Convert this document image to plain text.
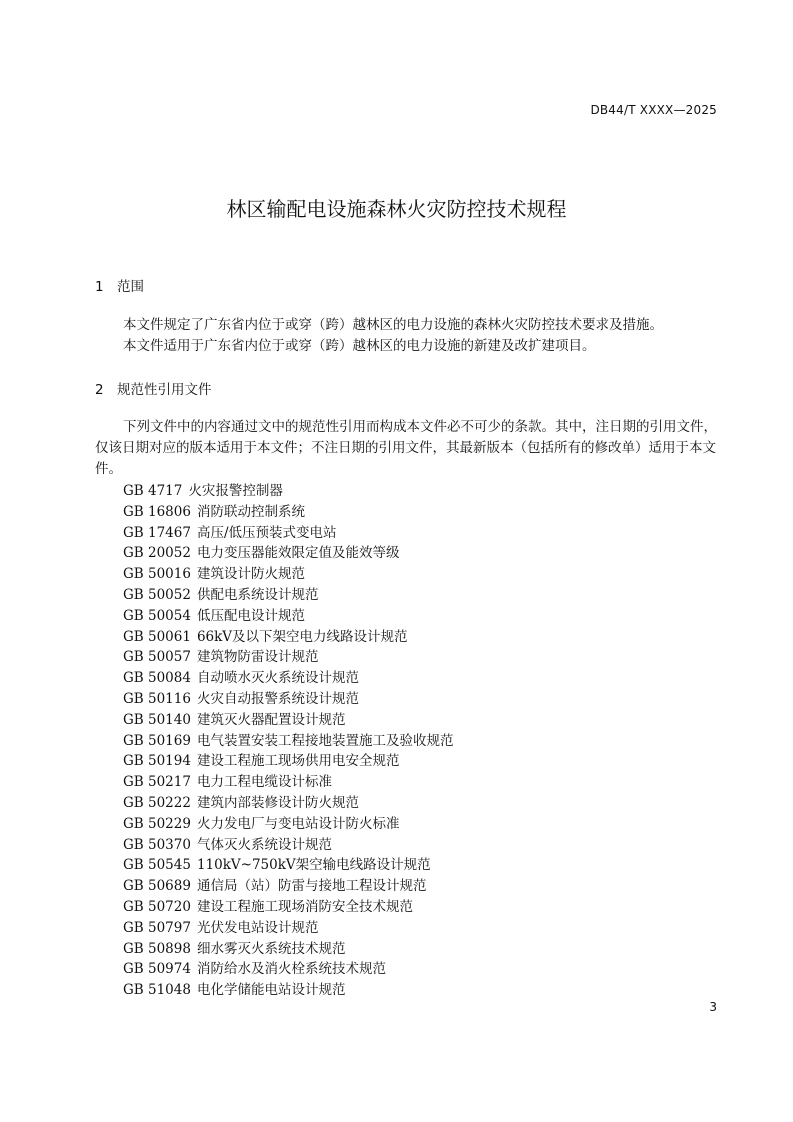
DB44/T XXXX—2025
林区输配电设施森林火灾防控技术规程
1 范围

本文件规定了广东省内位于或穿（跨）越林区的电力设施的森林火灾防控技术要求及措施。

本文件适用于广东省内位于或穿（跨）越林区的电力设施的新建及改扩建项目。

2 规范性引用文件

下列文件中的内容通过文中的规范性引用而构成本文件必不可少的条款。其中，注日期的引用文件，仅该日期对应的版本适用于本文件；不注日期的引用文件，其最新版本（包括所有的修改单）适用于本文件。

GB 4717 火灾报警控制器
GB 16806 消防联动控制系统
GB 17467 高压/低压预装式变电站
GB 20052 电力变压器能效限定值及能效等级
GB 50016 建筑设计防火规范
GB 50052 供配电系统设计规范
GB 50054 低压配电设计规范
GB 50061 66kV及以下架空电力线路设计规范
GB 50057 建筑物防雷设计规范
GB 50084 自动喷水灭火系统设计规范
GB 50116 火灾自动报警系统设计规范
GB 50140 建筑灭火器配置设计规范
GB 50169 电气装置安装工程接地装置施工及验收规范
GB 50194 建设工程施工现场供用电安全规范
GB 50217 电力工程电缆设计标准
GB 50222 建筑内部装修设计防火规范
GB 50229 火力发电厂与变电站设计防火标准
GB 50370 气体灭火系统设计规范
GB 50545 110kV~750kV架空输电线路设计规范
GB 50689 通信局（站）防雷与接地工程设计规范
GB 50720 建设工程施工现场消防安全技术规范
GB 50797 光伏发电站设计规范
GB 50898 细水雾灭火系统技术规范
GB 50974 消防给水及消火栓系统技术规范
GB 51048 电化学储能电站设计规范
3
